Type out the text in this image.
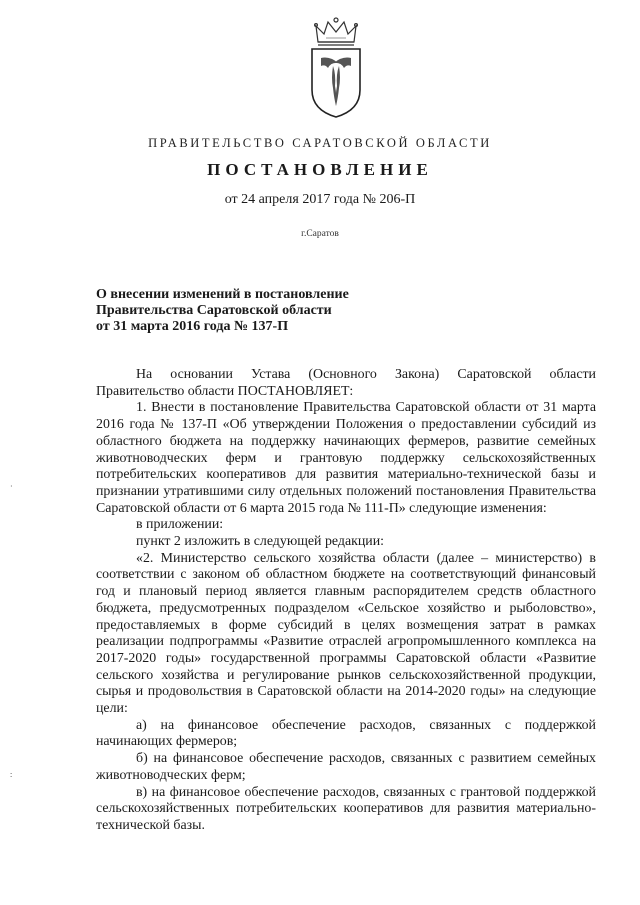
ПРАВИТЕЛЬСТВО САРАТОВСКОЙ ОБЛАСТИ
ПОСТАНОВЛЕНИЕ
от 24 апреля 2017 года № 206-П
г.Саратов
О внесении изменений в постановление
Правительства Саратовской области
от 31 марта 2016 года № 137-П

На основании Устава (Основного Закона) Саратовской области Правительство области ПОСТАНОВЛЯЕТ:

1. Внести в постановление Правительства Саратовской области от 31 марта 2016 года № 137-П «Об утверждении Положения о предоставлении субсидий из областного бюджета на поддержку начинающих фермеров, развитие семейных животноводческих ферм и грантовую поддержку сельскохозяйственных потребительских кооперативов для развития материально-технической базы и признании утратившими силу отдельных положений постановления Правительства Саратовской области от 6 марта 2015 года № 111-П» следующие изменения:

в приложении:

пункт 2 изложить в следующей редакции:

«2. Министерство сельского хозяйства области (далее – министерство) в соответствии с законом об областном бюджете на соответствующий финансовый год и плановый период является главным распорядителем средств областного бюджета, предусмотренных подразделом «Сельское хозяйство и рыболовство», предоставляемых в форме субсидий в целях возмещения затрат в рамках реализации подпрограммы «Развитие отраслей агропромышленного комплекса на 2017-2020 годы» государственной программы Саратовской области «Развитие сельского хозяйства и регулирование рынков сельскохозяйственной продукции, сырья и продовольствия в Саратовской области на 2014-2020 годы» на следующие цели:

а) на финансовое обеспечение расходов, связанных с поддержкой начинающих фермеров;

б) на финансовое обеспечение расходов, связанных с развитием семейных животноводческих ферм;

в) на финансовое обеспечение расходов, связанных с грантовой поддержкой сельскохозяйственных потребительских кооперативов для развития материально-технической базы.

·
:
